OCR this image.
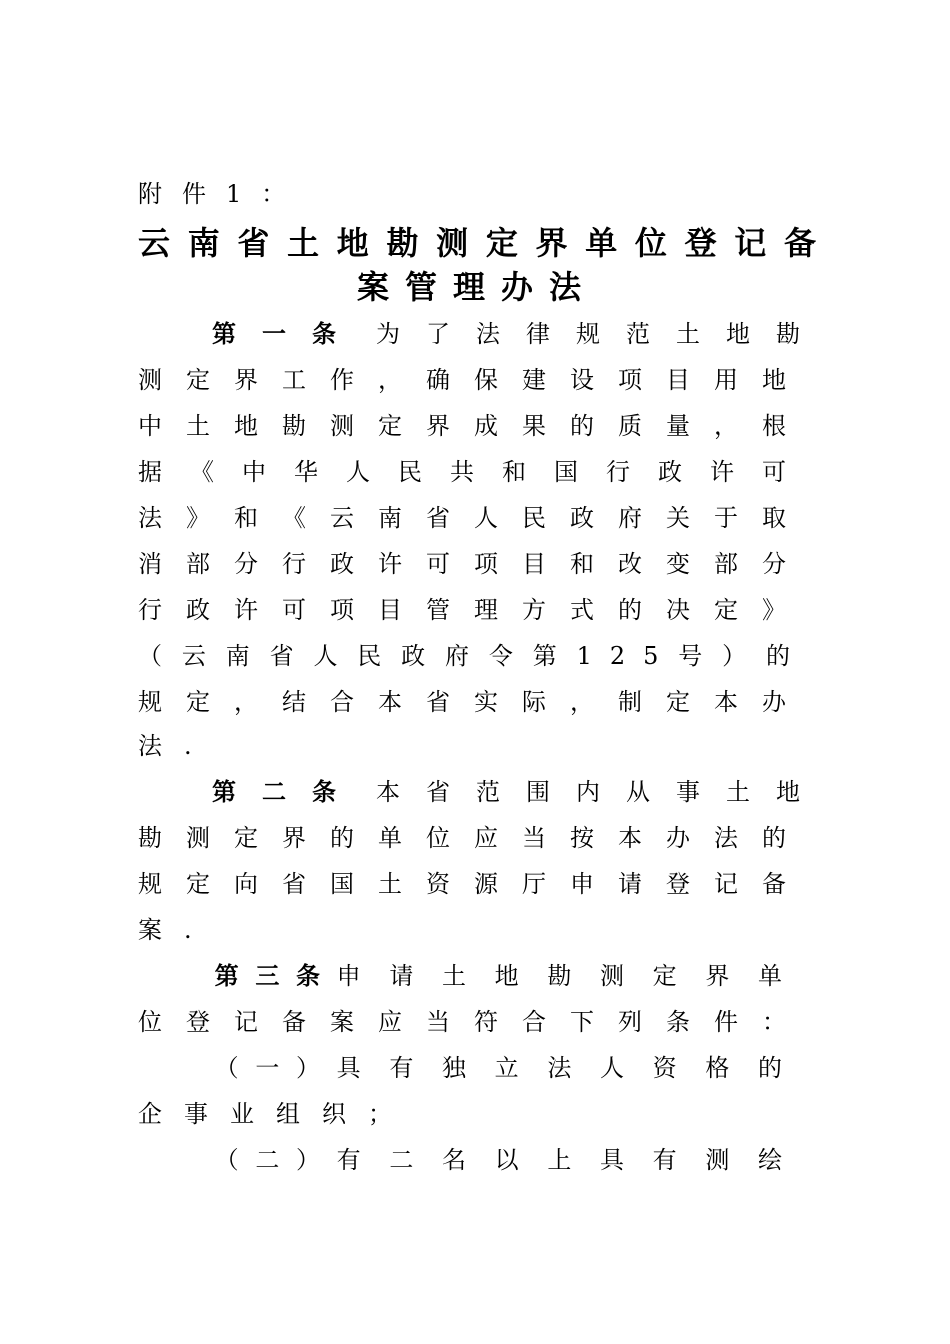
附件1：
云南省土地勘测定界单位登记备
案管理办法
第一条 为了法律规范土地勘
测定界工作，确保建设项目用地
中土地勘测定界成果的质量，根
据《中华人民共和国行政许可
法》和《云南省人民政府关于取
消部分行政许可项目和改变部分
行政许可项目管理方式的决定》
（云南省人民政府令第125号）的
规定，结合本省实际，制定本办
法.
第二条 本省范围内从事土地
勘测定界的单位应当按本办法的
规定向省国土资源厅申请登记备
案.
第三条申请土地勘测定界单
位登记备案应当符合下列条件：
（一）具有独立法人资格的
企事业组织；
（二）有二名以上具有测绘
